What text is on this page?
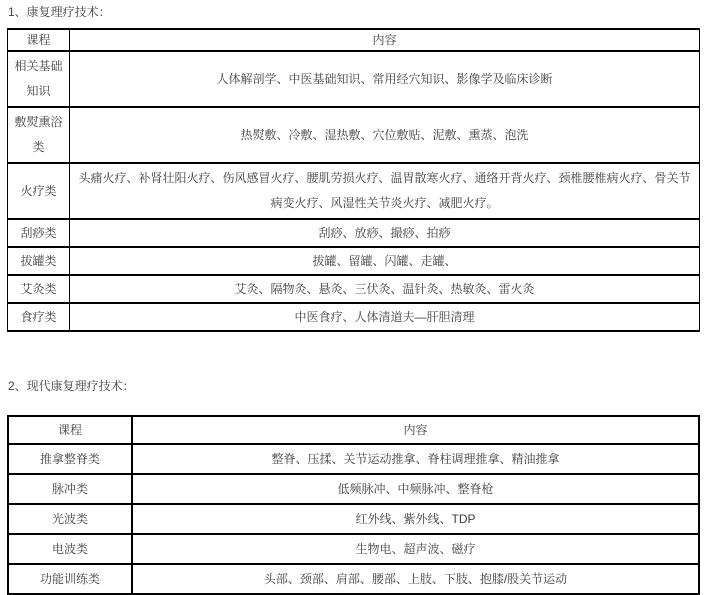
1、康复理疗技术：

课程	内容
相关基础知识	人体解剖学、中医基础知识、常用经穴知识、影像学及临床诊断
敷熨熏浴类	热熨敷、冷敷、湿热敷、穴位敷贴、泥敷、熏蒸、泡洗
火疗类	头痛火疗、补肾壮阳火疗、伤风感冒火疗、腰肌劳损火疗、温胃散寒火疗、通络开背火疗、颈椎腰椎病火疗、骨关节病变火疗、风湿性关节炎火疗、减肥火疗。
刮痧类	刮痧、放痧、撮痧、拍痧
拔罐类	拔罐、留罐、闪罐、走罐、
艾灸类	艾灸、隔物灸、悬灸、三伏灸、温针灸、热敏灸、雷火灸
食疗类	中医食疗、人体清道夫—肝胆清理

2、现代康复理疗技术：

课程	内容
推拿整脊类	整脊、压揉、关节运动推拿、脊柱调理推拿、精油推拿
脉冲类	低频脉冲、中频脉冲、整脊枪
光波类	红外线、紫外线、TDP
电波类	生物电、超声波、磁疗
功能训练类	头部、颈部、肩部、腰部、上肢、下肢、抱膝/股关节运动
